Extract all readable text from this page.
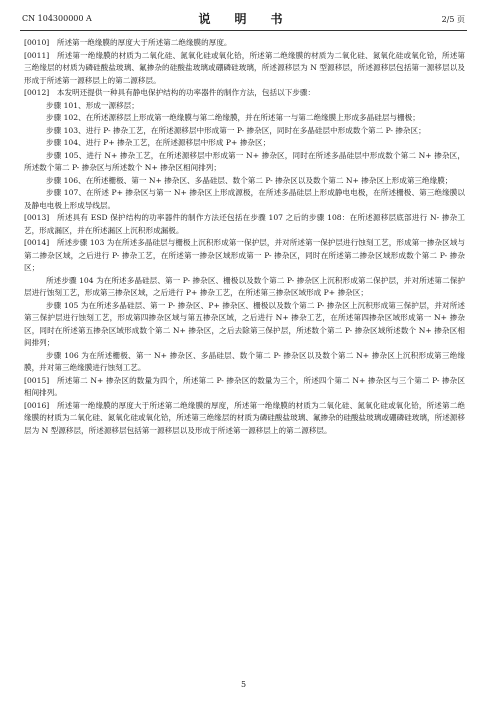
CN 104300000 A	说　明　书	2/5 页

[0010]  所述第一绝缘膜的厚度大于所述第二绝缘膜的厚度。

[0011]  所述第一绝缘膜的材质为二氧化硅、氮氧化硅或氧化铪，所述第二绝缘膜的材质为二氧化硅、氮氧化硅或氧化铪，所述第三绝缘层的材质为磷硅酸盐玻璃、氟掺杂的硅酸盐玻璃或硼磷硅玻璃，所述源移层为 N 型源移层，所述源移层包括第一源移层以及形成于所述第一源移层上的第二源移层。

[0012]  本发明还提供一种具有静电保护结构的功率器件的制作方法，包括以下步骤：

步骤 101、形成一源移层；

步骤 102、在所述源移层上形成第一绝缘膜与第二绝缘膜，并在所述第一与第二绝缘膜上形成多晶硅层与栅极；

步骤 103、进行 P- 掺杂工艺，在所述源移层中形成第一 P- 掺杂区，同时在多晶硅层中形成数个第二 P- 掺杂区；

步骤 104、进行 P+ 掺杂工艺，在所述源移层中形成 P+ 掺杂区；

步骤 105、进行 N+ 掺杂工艺，在所述源移层中形成第一 N+ 掺杂区，同时在所述多晶硅层中形成数个第二 N+ 掺杂区，所述数个第二 P- 掺杂区与所述数个 N+ 掺杂区相间排列；

步骤 106、在所述栅极、第一 N+ 掺杂区、多晶硅层、数个第二 P- 掺杂区以及数个第二 N+ 掺杂区上形成第三绝缘膜；

步骤 107、在所述 P+ 掺杂区与第一 N+ 掺杂区上形成源极，在所述多晶硅层上形成静电电极，在所述栅极、第三绝缘膜以及静电电极上形成导线层。

[0013]  所述具有 ESD 保护结构的功率器件的制作方法还包括在步骤 107 之后的步骤 108：在所述源移层底部进行 N- 掺杂工艺，形成漏区，并在所述漏区上沉积形成漏极。

[0014]  所述步骤 103 为在所述多晶硅层与栅极上沉积形成第一保护层，并对所述第一保护层进行蚀刻工艺，形成第一掺杂区域与第二掺杂区域，之后进行 P- 掺杂工艺，在所述第一掺杂区域形成第一 P- 掺杂区，同时在所述第二掺杂区域形成数个第二 P- 掺杂区；

所述步骤 104 为在所述多晶硅层、第一 P- 掺杂区、栅极以及数个第二 P- 掺杂区上沉积形成第二保护层，并对所述第二保护层进行蚀刻工艺，形成第三掺杂区域，之后进行 P+ 掺杂工艺，在所述第三掺杂区域形成 P+ 掺杂区；

步骤 105 为在所述多晶硅层、第一 P- 掺杂区、P+ 掺杂区、栅极以及数个第二 P- 掺杂区上沉积形成第三保护层，并对所述第三保护层进行蚀刻工艺，形成第四掺杂区域与第五掺杂区域，之后进行 N+ 掺杂工艺，在所述第四掺杂区域形成第一 N+ 掺杂区，同时在所述第五掺杂区域形成数个第二 N+ 掺杂区，之后去除第三保护层，所述数个第二 P- 掺杂区域所述数个 N+ 掺杂区相间排列；

步骤 106 为在所述栅极、第一 N+ 掺杂区、多晶硅层、数个第二 P- 掺杂区以及数个第二 N+ 掺杂区上沉积形成第三绝缘膜，并对第三绝缘膜进行蚀刻工艺。

[0015]  所述第二 N+ 掺杂区的数量为四个，所述第二 P- 掺杂区的数量为三个，所述四个第二 N+ 掺杂区与三个第二 P- 掺杂区相间排列。

[0016]  所述第一绝缘膜的厚度大于所述第二绝缘膜的厚度，所述第一绝缘膜的材质为二氧化硅、氮氧化硅或氧化铪，所述第二绝缘膜的材质为二氧化硅、氮氧化硅或氧化铪，所述第三绝缘层的材质为磷硅酸盐玻璃、氟掺杂的硅酸盐玻璃或硼磷硅玻璃，所述源移层为 N 型源移层，所述源移层包括第一源移层以及形成于所述第一源移层上的第二源移层。

5
